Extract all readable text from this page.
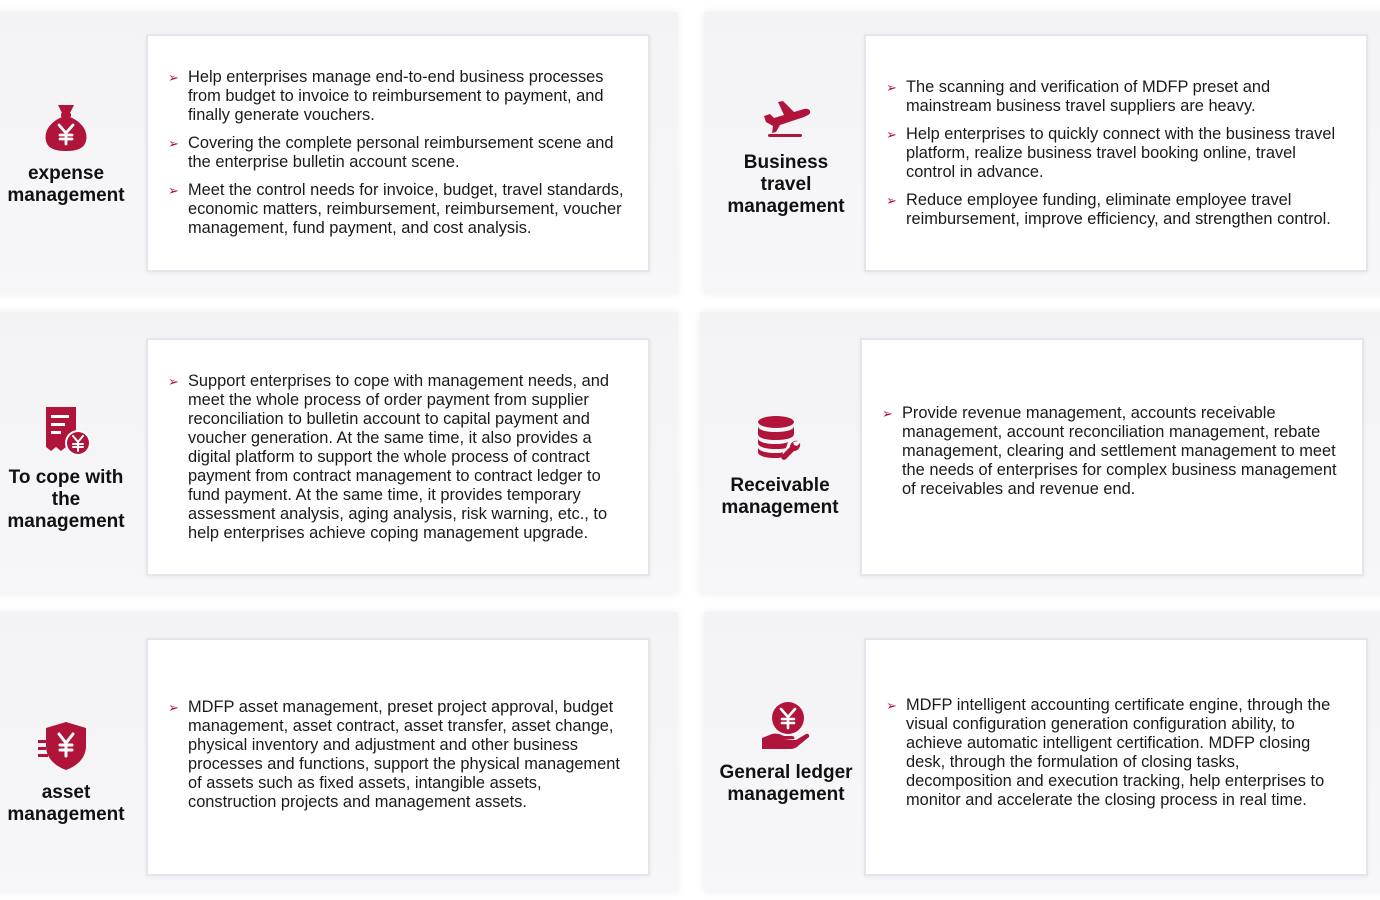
expense management
➢ Help enterprises manage end-to-end business processes from budget to invoice to reimbursement to payment, and finally generate vouchers.
➢ Covering the complete personal reimbursement scene and the enterprise bulletin account scene.
➢ Meet the control needs for invoice, budget, travel standards, economic matters, reimbursement, reimbursement, voucher management, fund payment, and cost analysis.
Business travel management
➢ The scanning and verification of MDFP preset and mainstream business travel suppliers are heavy.
➢ Help enterprises to quickly connect with the business travel platform, realize business travel booking online, travel control in advance.
➢ Reduce employee funding, eliminate employee travel reimbursement, improve efficiency, and strengthen control.
To cope with the management
➢ Support enterprises to cope with management needs, and meet the whole process of order payment from supplier reconciliation to bulletin account to capital payment and voucher generation. At the same time, it also provides a digital platform to support the whole process of contract payment from contract management to contract ledger to fund payment. At the same time, it provides temporary assessment analysis, aging analysis, risk warning, etc., to help enterprises achieve coping management upgrade.
Receivable management
➢ Provide revenue management, accounts receivable management, account reconciliation management, rebate management, clearing and settlement management to meet the needs of enterprises for complex business management of receivables and revenue end.
asset management
➢ MDFP asset management, preset project approval, budget management, asset contract, asset transfer, asset change, physical inventory and adjustment and other business processes and functions, support the physical management of assets such as fixed assets, intangible assets, construction projects and management assets.
General ledger management
➢ MDFP intelligent accounting certificate engine, through the visual configuration generation configuration ability, to achieve automatic intelligent certification. MDFP closing desk, through the formulation of closing tasks, decomposition and execution tracking, help enterprises to monitor and accelerate the closing process in real time.
